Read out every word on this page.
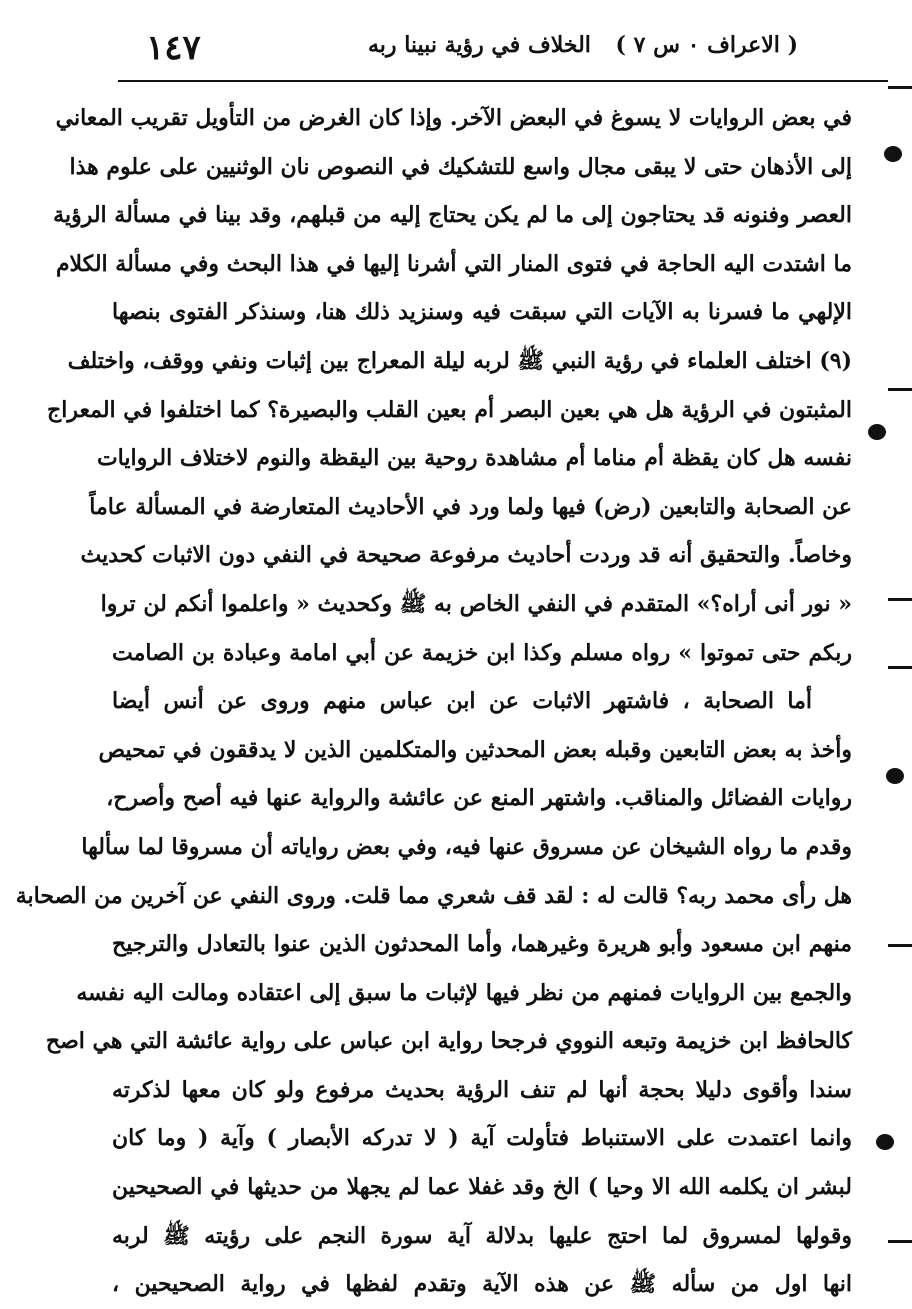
١٤٧	الخلاف في رؤية نبينا ربه ( الاعراف ٠ س ٧ )
في بعض الروايات لا يسوغ في البعض الآخر. وإذا كان الغرض من التأويل تقريب المعاني
إلى الأذهان حتى لا يبقى مجال واسع للتشكيك في النصوص نان الوثنيين على علوم هذا
العصر وفنونه قد يحتاجون إلى ما لم يكن يحتاج إليه من قبلهم، وقد بينا في مسألة الرؤية
ما اشتدت اليه الحاجة في فتوى المنار التي أشرنا إليها في هذا البحث وفي مسألة الكلام
الإلهي ما فسرنا به الآيات التي سبقت فيه وسنزيد ذلك هنا، وسنذكر الفتوى بنصها
(٩) اختلف العلماء في رؤية النبي ﷺ لربه ليلة المعراج بين إثبات ونفي ووقف، واختلف
المثبتون في الرؤية هل هي بعين البصر أم بعين القلب والبصيرة؟ كما اختلفوا في المعراج
نفسه هل كان يقظة أم مناما أم مشاهدة روحية بين اليقظة والنوم لاختلاف الروايات
عن الصحابة والتابعين (رض) فيها ولما ورد في الأحاديث المتعارضة في المسألة عاماً
وخاصاً. والتحقيق أنه قد وردت أحاديث مرفوعة صحيحة في النفي دون الاثبات كحديث
« نور أنى أراه؟» المتقدم في النفي الخاص به ﷺ وكحديث « واعلموا أنكم لن تروا
ربكم حتى تموتوا » رواه مسلم وكذا ابن خزيمة عن أبي امامة وعبادة بن الصامت
أما الصحابة ، فاشتهر الاثبات عن ابن عباس منهم وروى عن أنس أيضا
وأخذ به بعض التابعين وقبله بعض المحدثين والمتكلمين الذين لا يدققون في تمحيص
روايات الفضائل والمناقب. واشتهر المنع عن عائشة والرواية عنها فيه أصح وأصرح،
وقدم ما رواه الشيخان عن مسروق عنها فيه، وفي بعض رواياته أن مسروقا لما سألها
هل رأى محمد ربه؟ قالت له : لقد قف شعري مما قلت. وروى النفي عن آخرين من الصحابة
منهم ابن مسعود وأبو هريرة وغيرهما، وأما المحدثون الذين عنوا بالتعادل والترجيح
والجمع بين الروايات فمنهم من نظر فيها لإثبات ما سبق إلى اعتقاده ومالت اليه نفسه
كالحافظ ابن خزيمة وتبعه النووي فرجحا رواية ابن عباس على رواية عائشة التي هي اصح
سندا وأقوى دليلا بحجة أنها لم تنف الرؤية بحديث مرفوع ولو كان معها لذكرته
وانما اعتمدت على الاستنباط فتأولت آية ( لا تدركه الأبصار ) وآية ( وما كان
لبشر ان يكلمه الله الا وحيا ) الخ وقد غفلا عما لم يجهلا من حديثها في الصحيحين
وقولها لمسروق لما احتج عليها بدلالة آية سورة النجم على رؤيته ﷺ لربه
انها اول من سأله ﷺ عن هذه الآية وتقدم لفظها في رواية الصحيحين ،
